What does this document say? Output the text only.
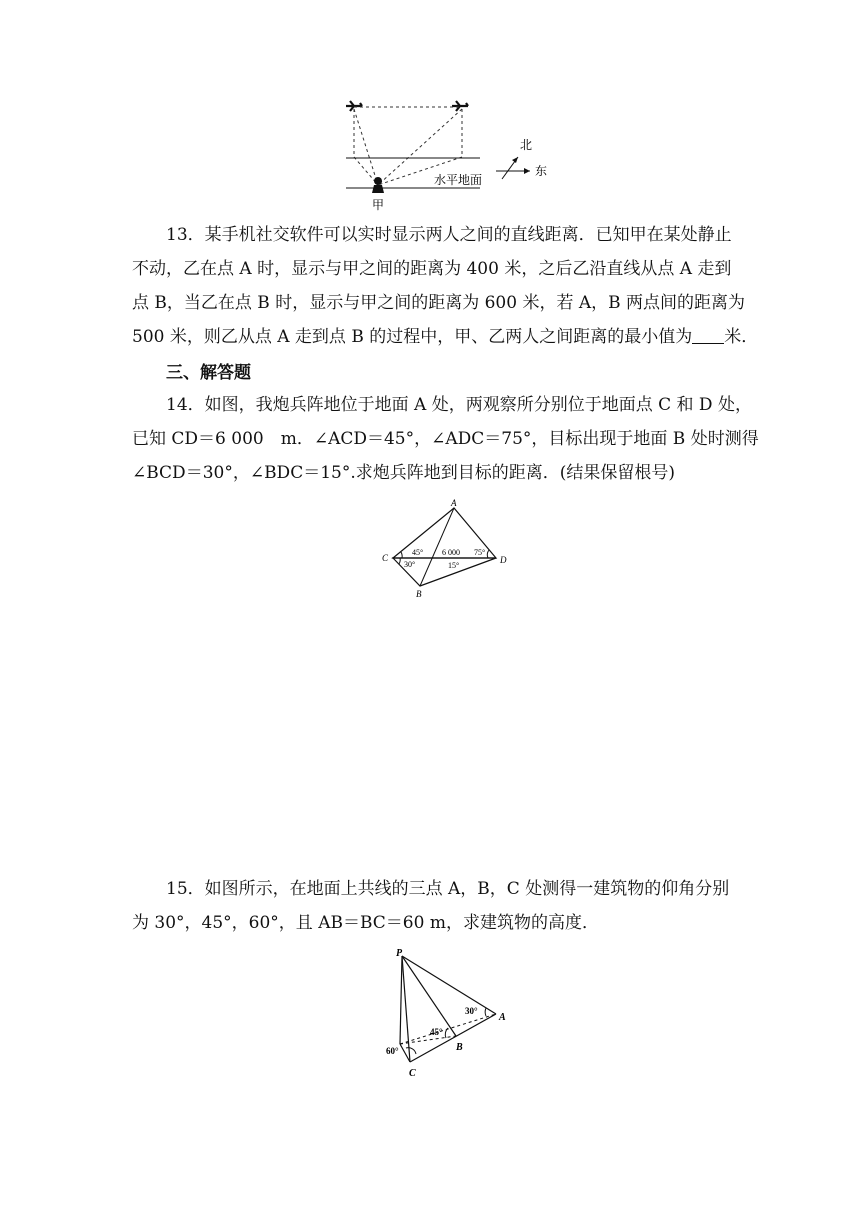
甲
水平地面
北
东
13．某手机社交软件可以实时显示两人之间的直线距离．已知甲在某处静止
不动，乙在点 A 时，显示与甲之间的距离为 400 米，之后乙沿直线从点 A 走到
点 B，当乙在点 B 时，显示与甲之间的距离为 600 米，若 A，B 两点间的距离为
500 米，则乙从点 A 走到点 B 的过程中，甲、乙两人之间距离的最小值为 米．
三、解答题
14．如图，我炮兵阵地位于地面 A 处，两观察所分别位于地面点 C 和 D 处，
已知 CD＝6 000　m．∠ACD＝45°，∠ADC＝75°，目标出现于地面 B 处时测得
∠BCD＝30°，∠BDC＝15°.求炮兵阵地到目标的距离．(结果保留根号)
A
C	D
B
45°
30°
6 000 75°
15°
15．如图所示，在地面上共线的三点 A，B，C 处测得一建筑物的仰角分别
为 30°，45°，60°，且 AB＝BC＝60 m，求建筑物的高度．
P
A
B
C
30°
45°
60°
